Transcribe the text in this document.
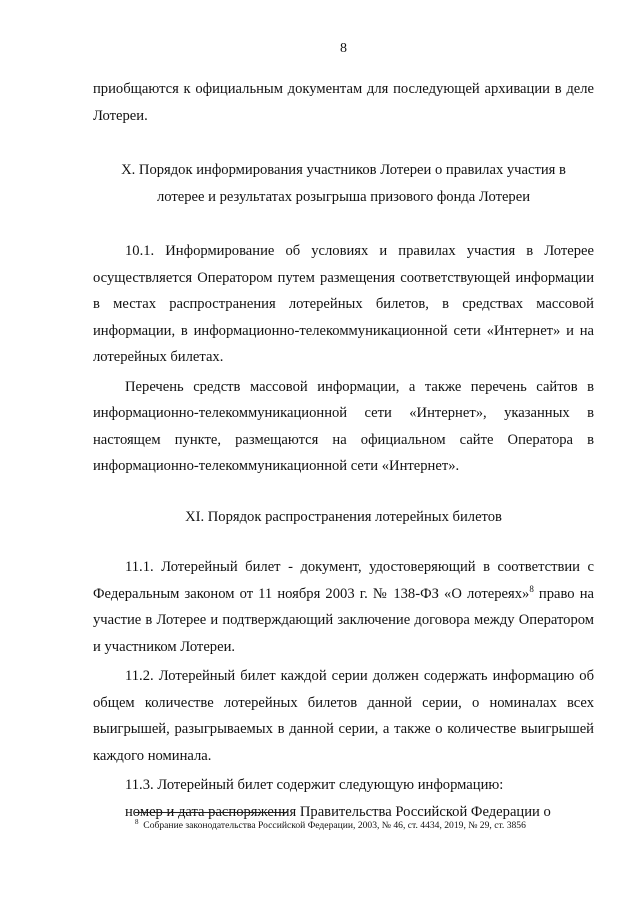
8

приобщаются к официальным документам для последующей архивации в деле Лотереи.

X. Порядок информирования участников Лотереи о правилах участия в

лотерее и результатах розыгрыша призового фонда Лотереи

10.1. Информирование об условиях и правилах участия в Лотерее осуществляется Оператором путем размещения соответствующей информации в местах распространения лотерейных билетов, в средствах массовой информации, в информационно-телекоммуникационной сети «Интернет» и на лотерейных билетах.

Перечень средств массовой информации, а также перечень сайтов в информационно-телекоммуникационной сети «Интернет», указанных в настоящем пункте, размещаются на официальном сайте Оператора в информационно-телекоммуникационной сети «Интернет».

XI. Порядок распространения лотерейных билетов

11.1. Лотерейный билет - документ, удостоверяющий в соответствии с Федеральным законом от 11 ноября 2003 г. № 138-ФЗ «О лотереях»$^8$ право на участие в Лотерее и подтверждающий заключение договора между Оператором и участником Лотереи.

11.2. Лотерейный билет каждой серии должен содержать информацию об общем количестве лотерейных билетов данной серии, о номиналах всех выигрышей, разыгрываемых в данной серии, а также о количестве выигрышей каждого номинала.

11.3. Лотерейный билет содержит следующую информацию:

номер и дата распоряжения Правительства Российской Федерации о

$^8$ Собрание законодательства Российской Федерации, 2003, № 46, ст. 4434, 2019, № 29, ст. 3856
